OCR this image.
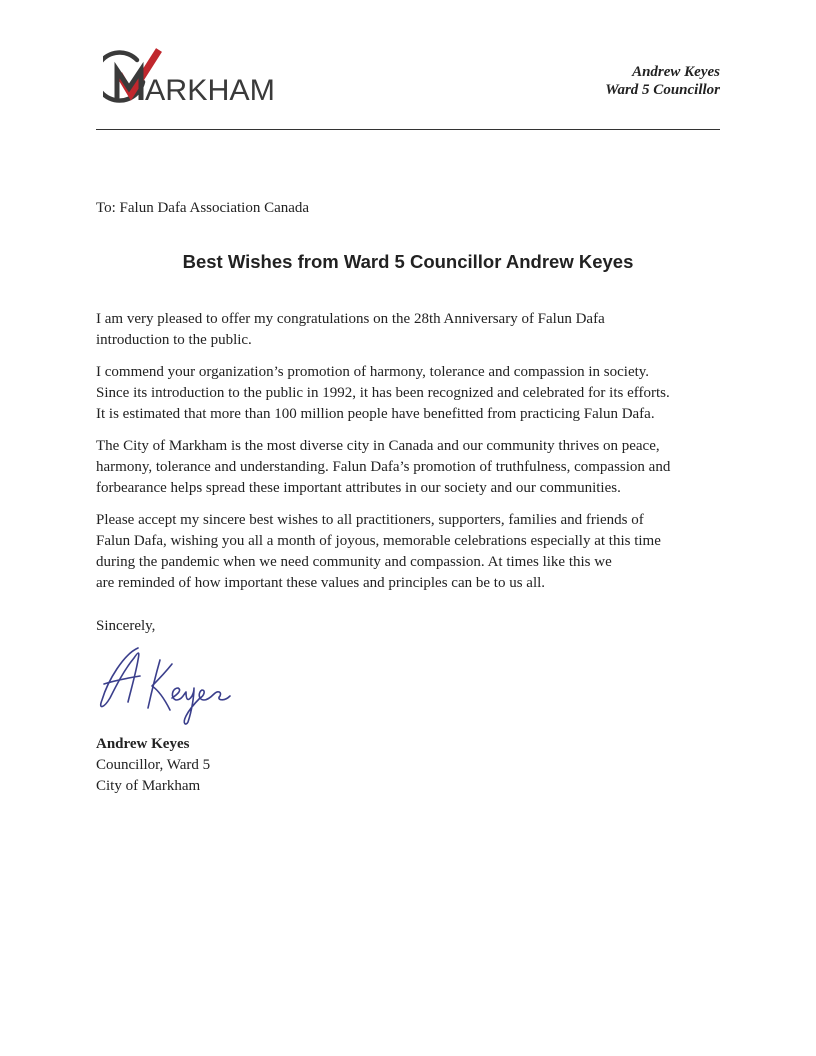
ARKHAM
Andrew Keyes
Ward 5 Councillor
To: Falun Dafa Association Canada
Best Wishes from Ward 5 Councillor Andrew Keyes

I am very pleased to offer my congratulations on the 28th Anniversary of Falun Dafa
introduction to the public.

I commend your organization’s promotion of harmony, tolerance and compassion in society.
Since its introduction to the public in 1992, it has been recognized and celebrated for its efforts.
It is estimated that more than 100 million people have benefitted from practicing Falun Dafa.

The City of Markham is the most diverse city in Canada and our community thrives on peace,
harmony, tolerance and understanding. Falun Dafa’s promotion of truthfulness, compassion and
forbearance helps spread these important attributes in our society and our communities.

Please accept my sincere best wishes to all practitioners, supporters, families and friends of
Falun Dafa, wishing you all a month of joyous, memorable celebrations especially at this time
during the pandemic when we need community and compassion. At times like this we
are reminded of how important these values and principles can be to us all.

Sincerely,
Andrew Keyes
Councillor, Ward 5
City of Markham
